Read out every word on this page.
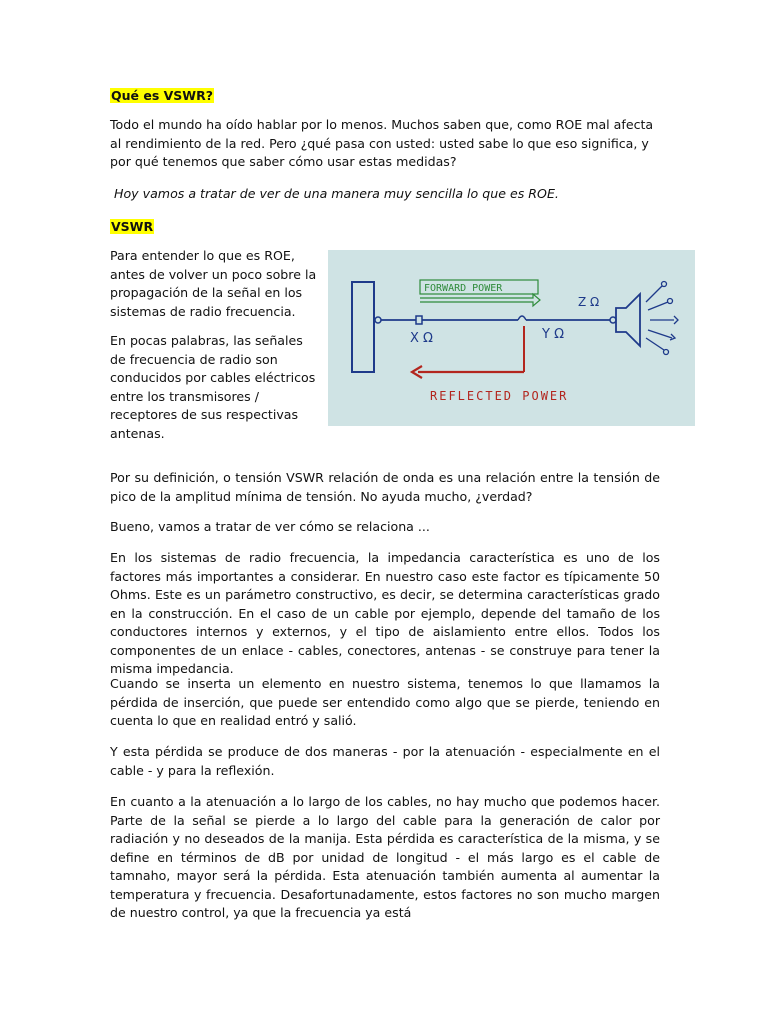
Qué es VSWR?

Todo el mundo ha oído hablar por lo menos. Muchos saben que, como ROE mal afecta al rendimiento de la red. Pero ¿qué pasa con usted: usted sabe lo que eso significa, y por qué tenemos que saber cómo usar estas medidas?

Hoy vamos a tratar de ver de una manera muy sencilla lo que es ROE.

VSWR

Para entender lo que es ROE, antes de volver un poco sobre la propagación de la señal en los sistemas de radio frecuencia.

En pocas palabras, las señales de frecuencia de radio son conducidos por cables eléctricos entre los transmisores / receptores de sus respectivas antenas.

FORWARD POWER
X Ω	Y Ω
Z Ω
REFLECTED POWER

Por su definición, o tensión VSWR relación de onda es una relación entre la tensión de pico de la amplitud mínima de tensión. No ayuda mucho, ¿verdad?

Bueno, vamos a tratar de ver cómo se relaciona ...

En los sistemas de radio frecuencia, la impedancia característica es uno de los factores más importantes a considerar. En nuestro caso este factor es típicamente 50 Ohms. Este es un parámetro constructivo, es decir, se determina características grado en la construcción. En el caso de un cable por ejemplo, depende del tamaño de los conductores internos y externos, y el tipo de aislamiento entre ellos. Todos los componentes de un enlace - cables, conectores, antenas - se construye para tener la misma impedancia.

Cuando se inserta un elemento en nuestro sistema, tenemos lo que llamamos la pérdida de inserción, que puede ser entendido como algo que se pierde, teniendo en cuenta lo que en realidad entró y salió.

Y esta pérdida se produce de dos maneras - por la atenuación - especialmente en el cable - y para la reflexión.

En cuanto a la atenuación a lo largo de los cables, no hay mucho que podemos hacer. Parte de la señal se pierde a lo largo del cable para la generación de calor por radiación y no deseados de la manija. Esta pérdida es característica de la misma, y se define en términos de dB por unidad de longitud - el más largo es el cable de tamnaho, mayor será la pérdida. Esta atenuación también aumenta al aumentar la temperatura y frecuencia. Desafortunadamente, estos factores no son mucho margen de nuestro control, ya que la frecuencia ya está
